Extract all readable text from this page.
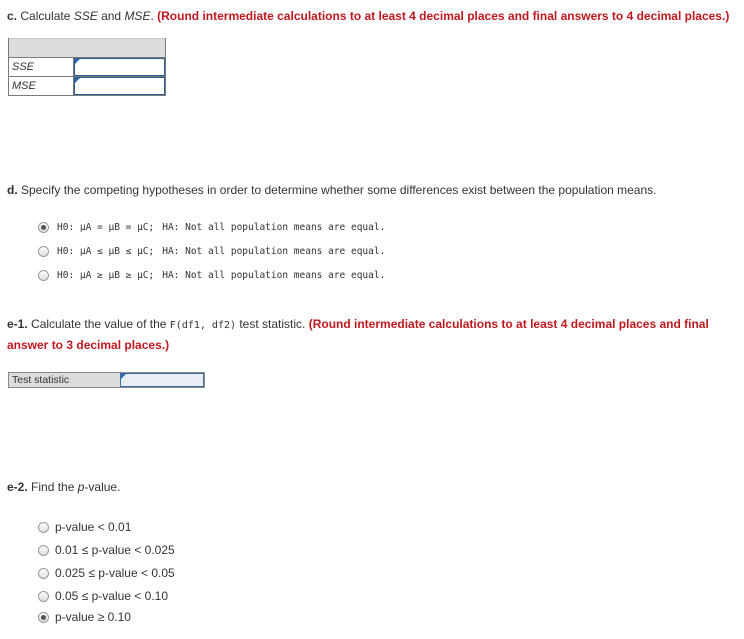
c. Calculate SSE and MSE. (Round intermediate calculations to at least 4 decimal places and final answers to 4 decimal places.)
SSE
MSE
d. Specify the competing hypotheses in order to determine whether some differences exist between the population means.
H0: μA = μB = μC; HA: Not all population means are equal.
H0: μA ≤ μB ≤ μC; HA: Not all population means are equal.
H0: μA ≥ μB ≥ μC; HA: Not all population means are equal.
e-1. Calculate the value of the F(df1, df2) test statistic. (Round intermediate calculations to at least 4 decimal places and final
answer to 3 decimal places.)
Test statistic
e-2. Find the p-value.
p-value < 0.01
0.01 ≤ p-value < 0.025
0.025 ≤ p-value < 0.05
0.05 ≤ p-value < 0.10
p-value ≥ 0.10
